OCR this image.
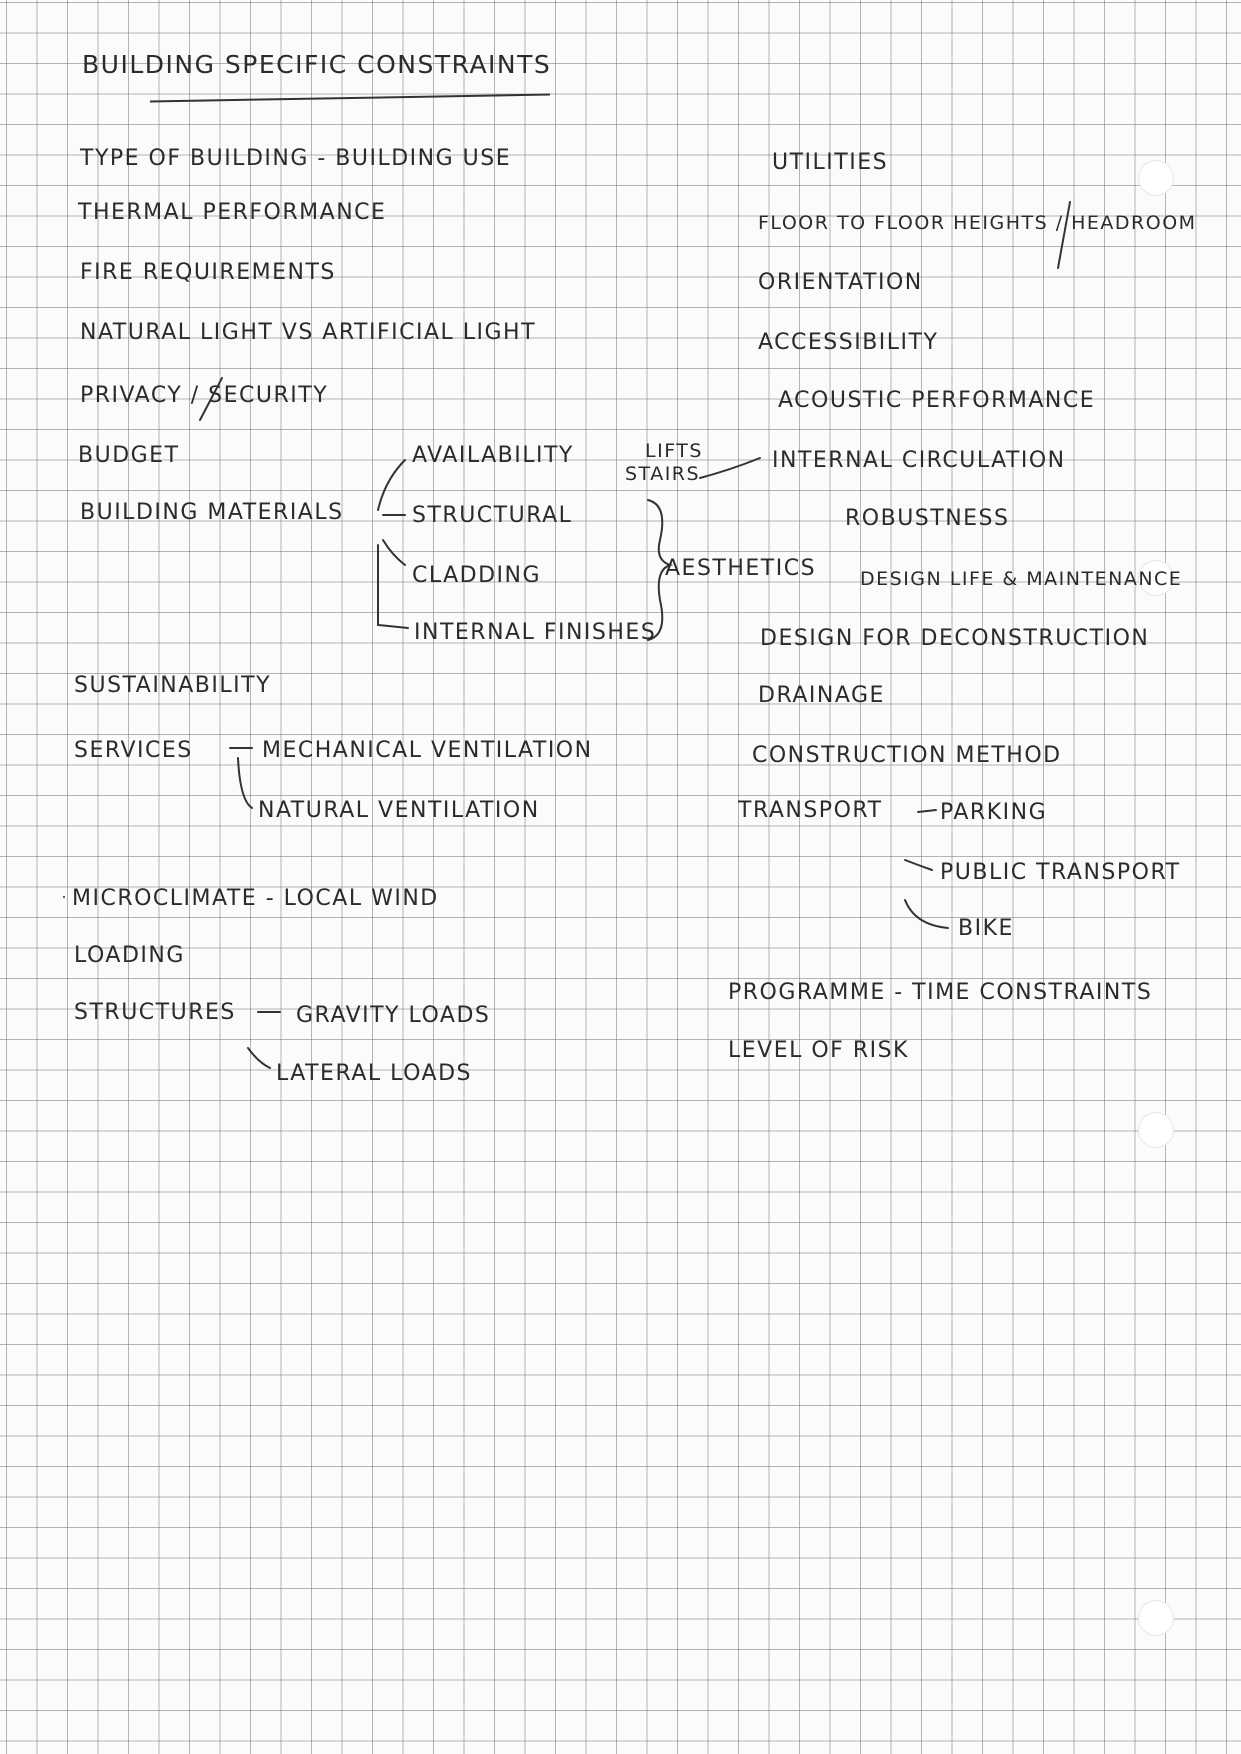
BUILDING SPECIFIC CONSTRAINTS
TYPE OF BUILDING - BUILDING USE
THERMAL PERFORMANCE
FIRE REQUIREMENTS
NATURAL LIGHT VS ARTIFICIAL LIGHT
PRIVACY / SECURITY
BUDGET
BUILDING MATERIALS
AVAILABILITY
STRUCTURAL
CLADDING
INTERNAL FINISHES
SUSTAINABILITY
SERVICES	MECHANICAL VENTILATION
NATURAL VENTILATION
MICROCLIMATE - LOCAL WIND
LOADING
STRUCTURES	GRAVITY LOADS
LATERAL LOADS
LIFTS
STAIRS
AESTHETICS
UTILITIES
FLOOR TO FLOOR HEIGHTS / HEADROOM
ORIENTATION
ACCESSIBILITY
ACOUSTIC PERFORMANCE
INTERNAL CIRCULATION
ROBUSTNESS
DESIGN LIFE & MAINTENANCE
DESIGN FOR DECONSTRUCTION
DRAINAGE
CONSTRUCTION METHOD
TRANSPORT	PARKING
PUBLIC TRANSPORT
BIKE
PROGRAMME - TIME CONSTRAINTS
LEVEL OF RISK
